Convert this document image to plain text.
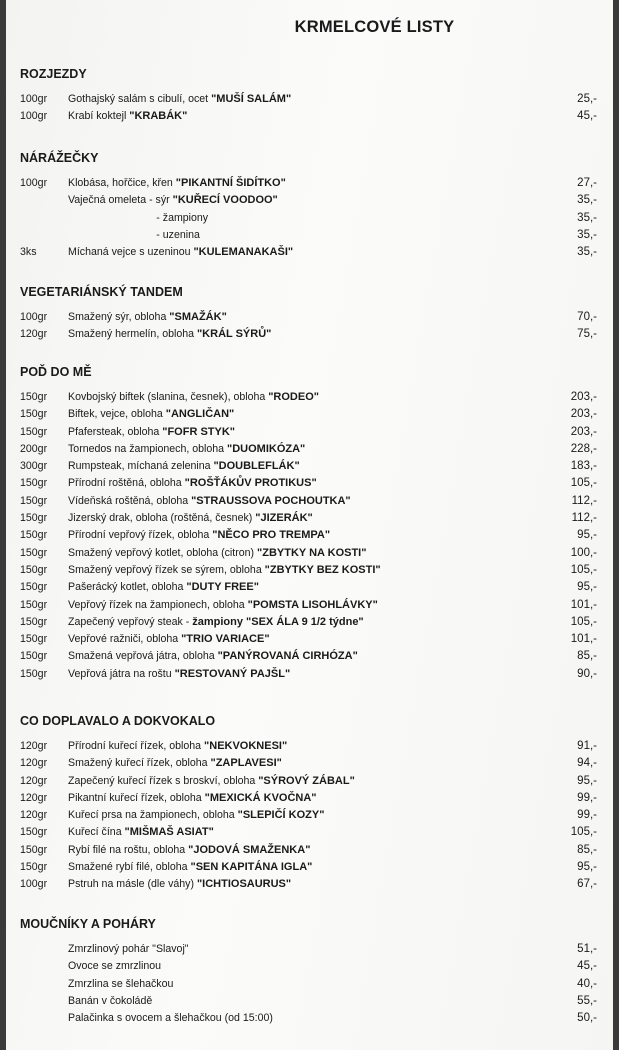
KRMELCOVÉ LISTY
ROZJEZDY
100gr	Gothajský salám s cibulí, ocet "MUŠÍ SALÁM"	25,-
100gr	Krabí koktejl "KRABÁK"	45,-
NÁRÁŽEČKY
100gr	Klobása, hořčice, křen "PIKANTNÍ ŠIDÍTKO"	27,-
Vaječná omeleta - sýr "KUŘECÍ VOODOO"	35,-
- žampiony	35,-
- uzenina	35,-
3ks	Míchaná vejce s uzeninou "KULEMANAKAŠI"	35,-
VEGETARIÁNSKÝ TANDEM
100gr	Smažený sýr, obloha "SMAŽÁK"	70,-
120gr	Smažený hermelín, obloha "KRÁL SÝRŮ"	75,-
POĎ DO MĚ
150gr	Kovbojský biftek (slanina, česnek), obloha "RODEO"	203,-
150gr	Biftek, vejce, obloha "ANGLIČAN"	203,-
150gr	Pfafersteak, obloha "FOFR STYK"	203,-
200gr	Tornedos na žampionech, obloha "DUOMIKÓZA"	228,-
300gr	Rumpsteak, míchaná zelenina "DOUBLEFLÁK"	183,-
150gr	Přírodní roštěná, obloha "ROŠŤÁKŮV PROTIKUS"	105,-
150gr	Vídeňská roštěná, obloha "STRAUSSOVA POCHOUTKA"	112,-
150gr	Jizerský drak, obloha (roštěná, česnek) "JIZERÁK"	112,-
150gr	Přírodní vepřový řízek, obloha "NĚCO PRO TREMPA"	95,-
150gr	Smažený vepřový kotlet, obloha (citron) "ZBYTKY NA KOSTI"	100,-
150gr	Smažený vepřový řízek se sýrem, obloha "ZBYTKY BEZ KOSTI"	105,-
150gr	Pašerácký kotlet, obloha "DUTY FREE"	95,-
150gr	Vepřový řízek na žampionech, obloha "POMSTA LISOHLÁVKY"	101,-
150gr	Zapečený vepřový steak - žampiony "SEX ÁLA 9 1/2 týdne"	105,-
150gr	Vepřové ražniči, obloha "TRIO VARIACE"	101,-
150gr	Smažená vepřová játra, obloha "PANÝROVANÁ CIRHÓZA"	85,-
150gr	Vepřová játra na roštu "RESTOVANÝ PAJŠL"	90,-
CO DOPLAVALO A DOKVOKALO
120gr	Přírodní kuřecí řízek, obloha "NEKVOKNESI"	91,-
120gr	Smažený kuřecí řízek, obloha "ZAPLAVESI"	94,-
120gr	Zapečený kuřecí řízek s broskví, obloha "SÝROVÝ ZÁBAL"	95,-
120gr	Pikantní kuřecí řízek, obloha "MEXICKÁ KVOČNA"	99,-
120gr	Kuřecí prsa na žampionech, obloha "SLEPIČÍ KOZY"	99,-
150gr	Kuřecí čína "MIŠMAŠ ASIAT"	105,-
150gr	Rybí filé na roštu, obloha "JODOVÁ SMAŽENKA"	85,-
150gr	Smažené rybí filé, obloha "SEN KAPITÁNA IGLA"	95,-
100gr	Pstruh na másle (dle váhy) "ICHTIOSAURUS"	67,-
MOUČNÍKY A POHÁRY
Zmrzlinový pohár "Slavoj"	51,-
Ovoce se zmrzlinou	45,-
Zmrzlina se šlehačkou	40,-
Banán v čokoládě	55,-
Palačinka s ovocem a šlehačkou (od 15:00)	50,-
